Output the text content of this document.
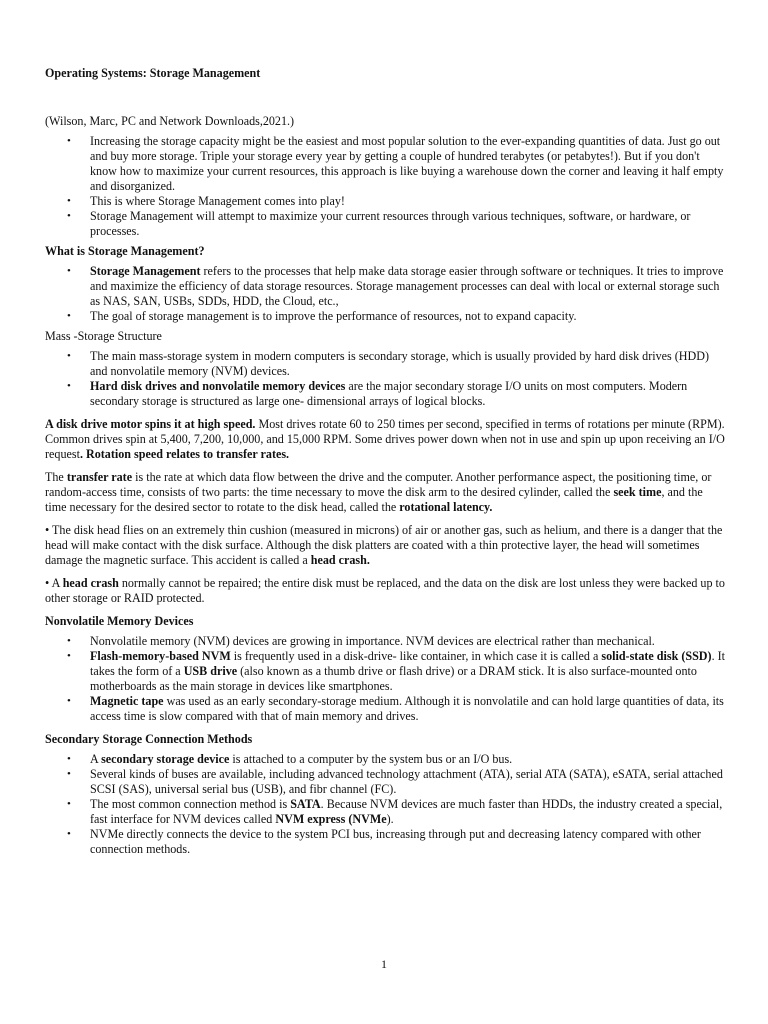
Operating Systems: Storage Management

(Wilson, Marc, PC and Network Downloads,2021.)

• Increasing the storage capacity might be the easiest and most popular solution to the ever-expanding quantities of data. Just go out and buy more storage. Triple your storage every year by getting a couple of hundred terabytes (or petabytes!). But if you don't know how to maximize your current resources, this approach is like buying a warehouse down the corner and leaving it half empty and disorganized.
• This is where Storage Management comes into play!
• Storage Management will attempt to maximize your current resources through various techniques, software, or hardware, or processes.

What is Storage Management?

• Storage Management refers to the processes that help make data storage easier through software or techniques. It tries to improve and maximize the efficiency of data storage resources. Storage management processes can deal with local or external storage such as NAS, SAN, USBs, SDDs, HDD, the Cloud, etc.,
• The goal of storage management is to improve the performance of resources, not to expand capacity.

Mass -Storage Structure

• The main mass-storage system in modern computers is secondary storage, which is usually provided by hard disk drives (HDD) and nonvolatile memory (NVM) devices.
• Hard disk drives and nonvolatile memory devices are the major secondary storage I/O units on most computers. Modern secondary storage is structured as large one- dimensional arrays of logical blocks.

A disk drive motor spins it at high speed. Most drives rotate 60 to 250 times per second, specified in terms of rotations per minute (RPM). Common drives spin at 5,400, 7,200, 10,000, and 15,000 RPM. Some drives power down when not in use and spin up upon receiving an I/O request. Rotation speed relates to transfer rates.

The transfer rate is the rate at which data flow between the drive and the computer. Another performance aspect, the positioning time, or random-access time, consists of two parts: the time necessary to move the disk arm to the desired cylinder, called the seek time, and the time necessary for the desired sector to rotate to the disk head, called the rotational latency.

• The disk head flies on an extremely thin cushion (measured in microns) of air or another gas, such as helium, and there is a danger that the head will make contact with the disk surface. Although the disk platters are coated with a thin protective layer, the head will sometimes damage the magnetic surface. This accident is called a head crash.

• A head crash normally cannot be repaired; the entire disk must be replaced, and the data on the disk are lost unless they were backed up to other storage or RAID protected.

Nonvolatile Memory Devices

• Nonvolatile memory (NVM) devices are growing in importance. NVM devices are electrical rather than mechanical.
• Flash-memory-based NVM is frequently used in a disk-drive- like container, in which case it is called a solid-state disk (SSD). It takes the form of a USB drive (also known as a thumb drive or flash drive) or a DRAM stick. It is also surface-mounted onto motherboards as the main storage in devices like smartphones.
• Magnetic tape was used as an early secondary-storage medium. Although it is nonvolatile and can hold large quantities of data, its access time is slow compared with that of main memory and drives.

Secondary Storage Connection Methods

• A secondary storage device is attached to a computer by the system bus or an I/O bus.
• Several kinds of buses are available, including advanced technology attachment (ATA), serial ATA (SATA), eSATA, serial attached SCSI (SAS), universal serial bus (USB), and fibr channel (FC).
• The most common connection method is SATA. Because NVM devices are much faster than HDDs, the industry created a special, fast interface for NVM devices called NVM express (NVMe).
• NVMe directly connects the device to the system PCI bus, increasing through put and decreasing latency compared with other connection methods.
1
